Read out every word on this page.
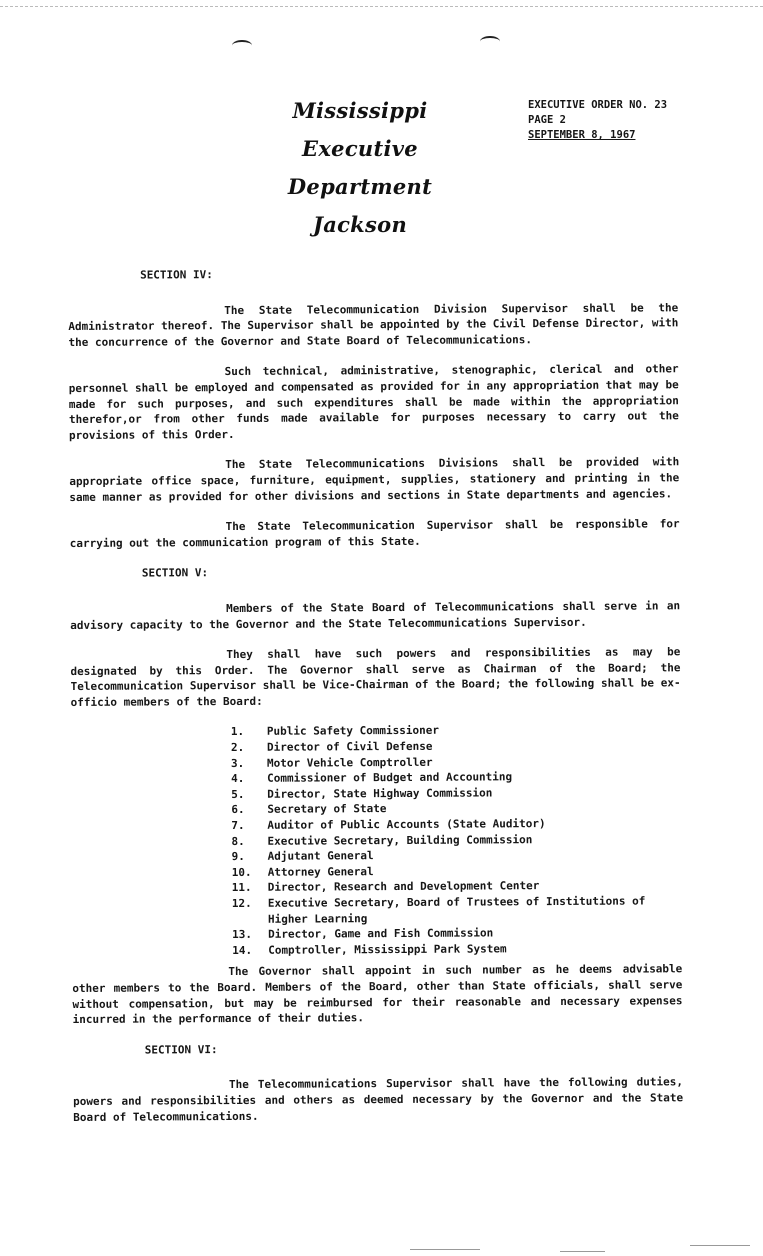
Mississippi
Executive Department
Jackson
EXECUTIVE ORDER NO. 23
PAGE 2
SEPTEMBER 8, 1967
SECTION IV:

The State Telecommunication Division Supervisor shall be the Administrator thereof. The Supervisor shall be appointed by the Civil Defense Director, with the concurrence of the Governor and State Board of Telecommunications.

Such technical, administrative, stenographic, clerical and other personnel shall be employed and compensated as provided for in any appropriation that may be made for such purposes, and such expenditures shall be made within the appropriation therefor,or from other funds made available for purposes necessary to carry out the provisions of this Order.

The State Telecommunications Divisions shall be provided with appropriate office space, furniture, equipment, supplies, stationery and printing in the same manner as provided for other divisions and sections in State departments and agencies.

The State Telecommunication Supervisor shall be responsible for carrying out the communication program of this State.

SECTION V:

Members of the State Board of Telecommunications shall serve in an advisory capacity to the Governor and the State Telecommunications Supervisor.

They shall have such powers and responsibilities as may be designated by this Order. The Governor shall serve as Chairman of the Board; the Telecommunication Supervisor shall be Vice-Chairman of the Board; the following shall be ex-officio members of the Board:

1.	Public Safety Commissioner
2.	Director of Civil Defense
3.	Motor Vehicle Comptroller
4.	Commissioner of Budget and Accounting
5.	Director, State Highway Commission
6.	Secretary of State
7.	Auditor of Public Accounts (State Auditor)
8.	Executive Secretary, Building Commission
9.	Adjutant General
10.	Attorney General
11.	Director, Research and Development Center
12.	Executive Secretary, Board of Trustees of Institutions of Higher Learning
13.	Director, Game and Fish Commission
14.	Comptroller, Mississippi Park System

The Governor shall appoint in such number as he deems advisable other members to the Board. Members of the Board, other than State officials, shall serve without compensation, but may be reimbursed for their reasonable and necessary expenses incurred in the performance of their duties.

SECTION VI:

The Telecommunications Supervisor shall have the following duties, powers and responsibilities and others as deemed necessary by the Governor and the State Board of Telecommunications.
